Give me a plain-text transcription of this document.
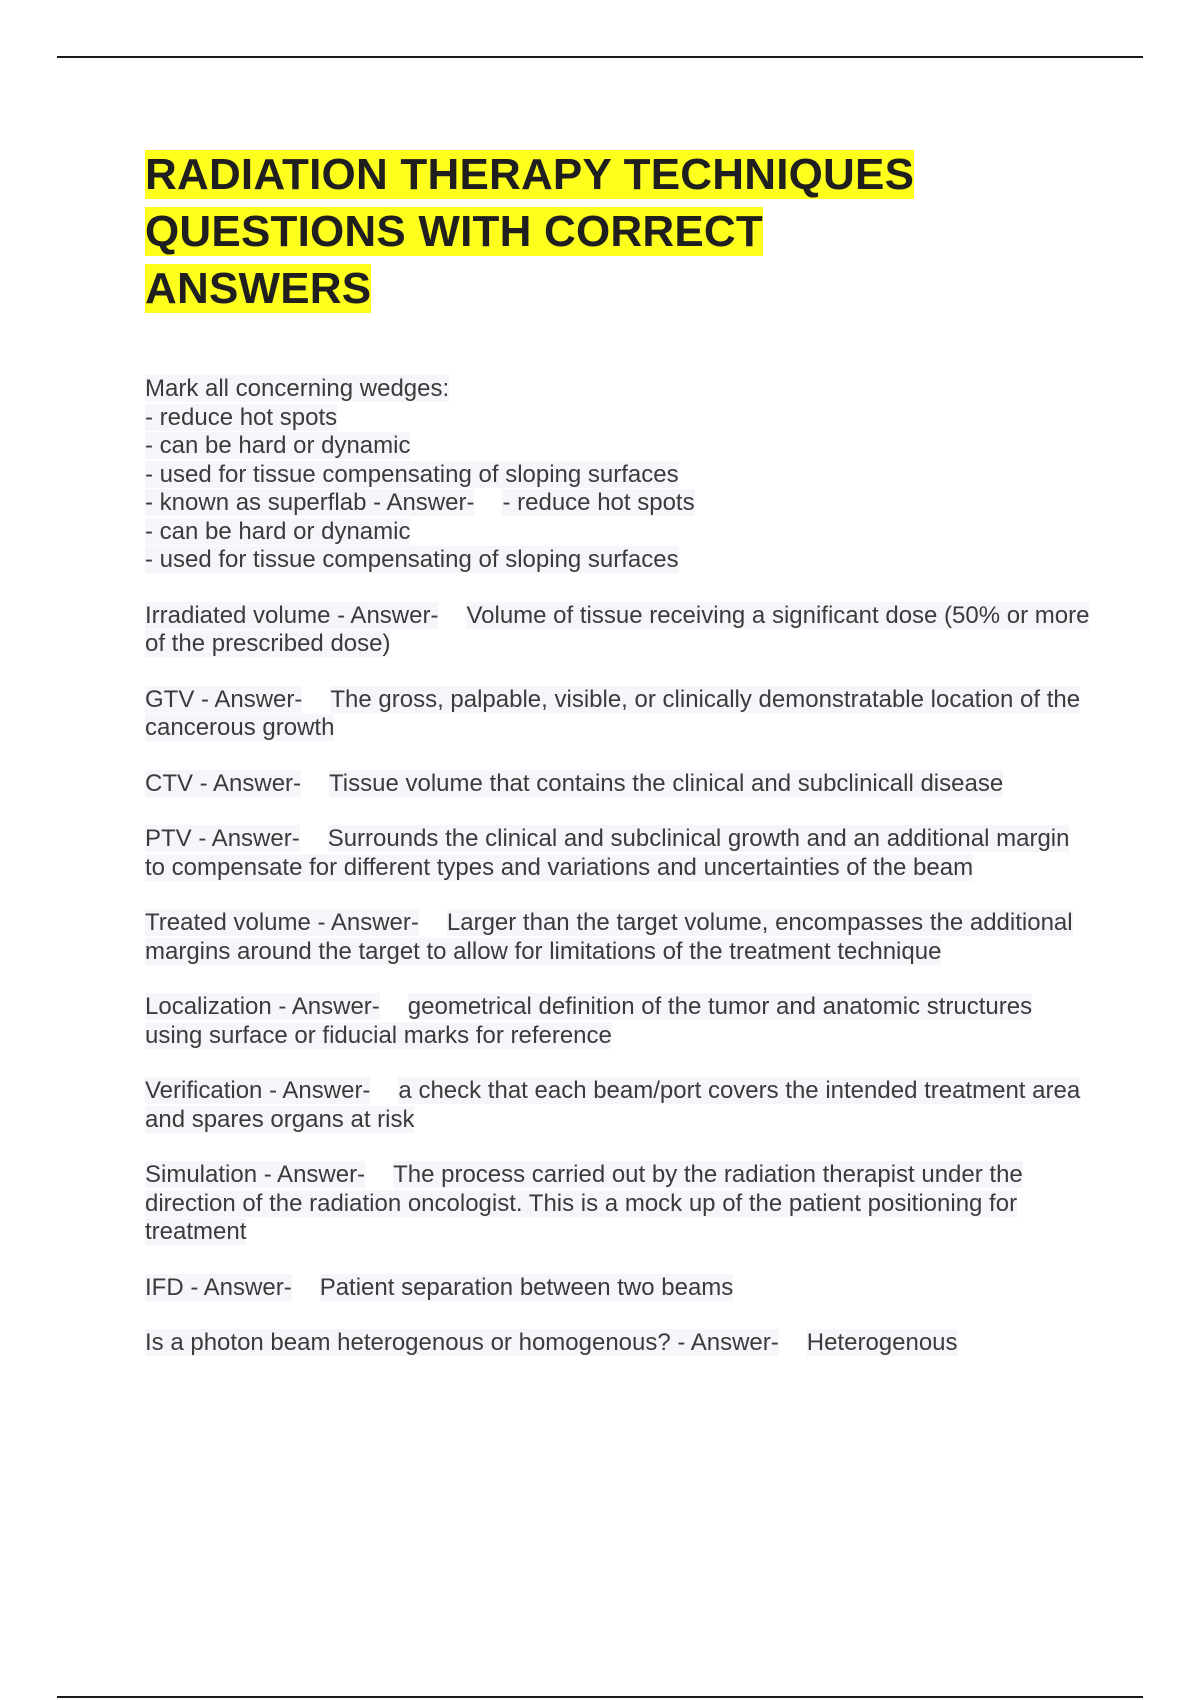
RADIATION THERAPY TECHNIQUES
QUESTIONS WITH CORRECT
ANSWERS
Mark all concerning wedges:
- reduce hot spots
- can be hard or dynamic
- used for tissue compensating of sloping surfaces
- known as superflab - Answer- - reduce hot spots
- can be hard or dynamic
- used for tissue compensating of sloping surfaces

Irradiated volume - Answer- Volume of tissue receiving a significant dose (50% or more of the prescribed dose)

GTV - Answer- The gross, palpable, visible, or clinically demonstratable location of the cancerous growth

CTV - Answer- Tissue volume that contains the clinical and subclinicall disease

PTV - Answer- Surrounds the clinical and subclinical growth and an additional margin to compensate for different types and variations and uncertainties of the beam

Treated volume - Answer- Larger than the target volume, encompasses the additional margins around the target to allow for limitations of the treatment technique

Localization - Answer- geometrical definition of the tumor and anatomic structures using surface or fiducial marks for reference

Verification - Answer- a check that each beam/port covers the intended treatment area and spares organs at risk

Simulation - Answer- The process carried out by the radiation therapist under the direction of the radiation oncologist. This is a mock up of the patient positioning for treatment

IFD - Answer- Patient separation between two beams

Is a photon beam heterogenous or homogenous? - Answer- Heterogenous
